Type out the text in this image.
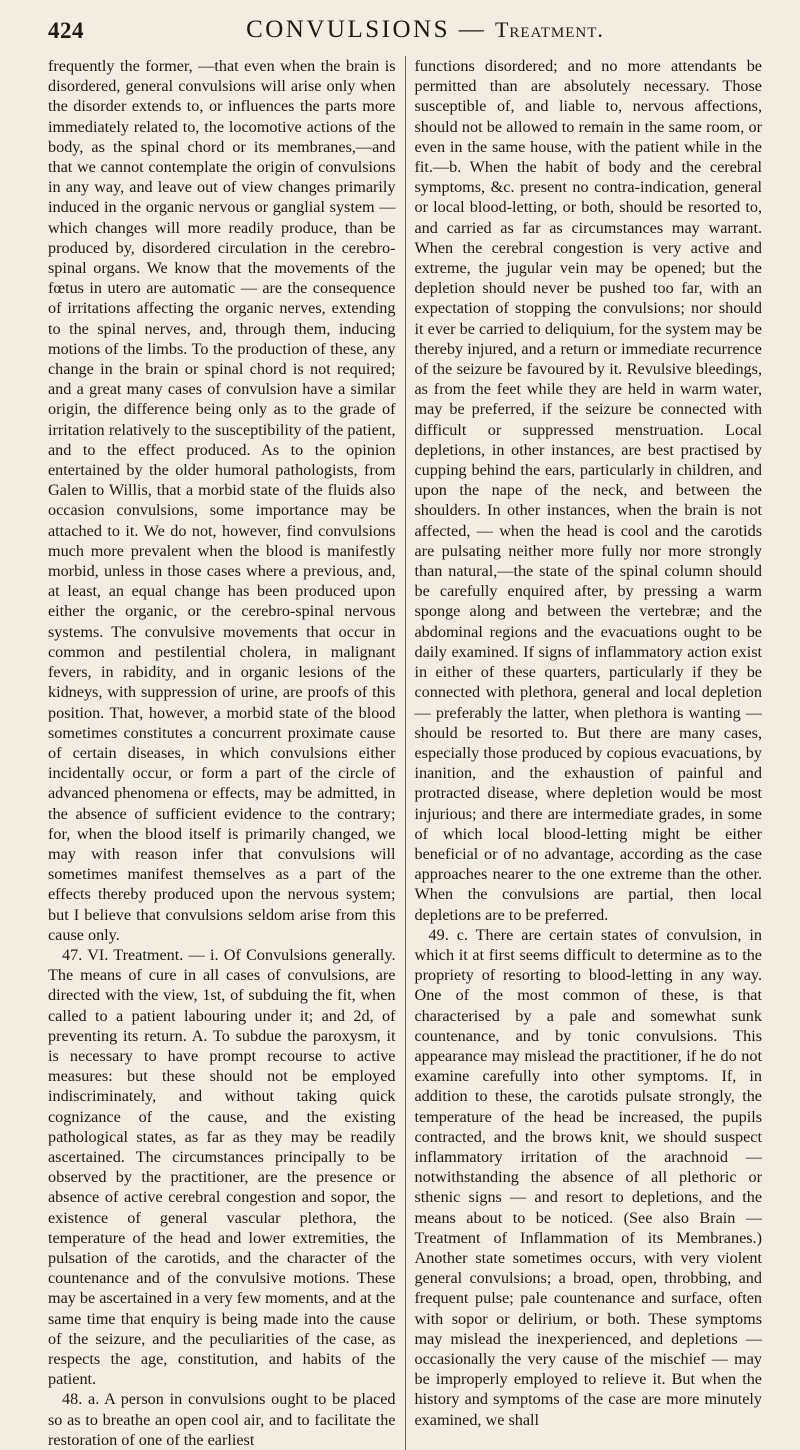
424	CONVULSIONS — Treatment.

frequently the former, —that even when the brain is disordered, general convulsions will arise only when the disorder extends to, or influences the parts more immediately related to, the locomotive actions of the body, as the spinal chord or its membranes,—and that we cannot contemplate the origin of convulsions in any way, and leave out of view changes primarily induced in the organic nervous or ganglial system — which changes will more readily produce, than be produced by, disordered circulation in the cerebro-spinal organs. We know that the movements of the fœtus in utero are automatic — are the consequence of irritations affecting the organic nerves, extending to the spinal nerves, and, through them, inducing motions of the limbs. To the production of these, any change in the brain or spinal chord is not required; and a great many cases of convulsion have a similar origin, the difference being only as to the grade of irritation relatively to the susceptibility of the patient, and to the effect produced. As to the opinion entertained by the older humoral pathologists, from Galen to Willis, that a morbid state of the fluids also occasion convulsions, some importance may be attached to it. We do not, however, find convulsions much more prevalent when the blood is manifestly morbid, unless in those cases where a previous, and, at least, an equal change has been produced upon either the organic, or the cerebro-spinal nervous systems. The convulsive movements that occur in common and pestilential cholera, in malignant fevers, in rabidity, and in organic lesions of the kidneys, with suppression of urine, are proofs of this position. That, however, a morbid state of the blood sometimes constitutes a concurrent proximate cause of certain diseases, in which convulsions either incidentally occur, or form a part of the circle of advanced phenomena or effects, may be admitted, in the absence of sufficient evidence to the contrary; for, when the blood itself is primarily changed, we may with reason infer that convulsions will sometimes manifest themselves as a part of the effects thereby produced upon the nervous system; but I believe that convulsions seldom arise from this cause only.

47. VI. Treatment. — i. Of Convulsions generally. The means of cure in all cases of convulsions, are directed with the view, 1st, of subduing the fit, when called to a patient labouring under it; and 2d, of preventing its return. A. To subdue the paroxysm, it is necessary to have prompt recourse to active measures: but these should not be employed indiscriminately, and without taking quick cognizance of the cause, and the existing pathological states, as far as they may be readily ascertained. The circumstances principally to be observed by the practitioner, are the presence or absence of active cerebral congestion and sopor, the existence of general vascular plethora, the temperature of the head and lower extremities, the pulsation of the carotids, and the character of the countenance and of the convulsive motions. These may be ascertained in a very few moments, and at the same time that enquiry is being made into the cause of the seizure, and the peculiarities of the case, as respects the age, constitution, and habits of the patient.

48. a. A person in convulsions ought to be placed so as to breathe an open cool air, and to facilitate the restoration of one of the earliest

functions disordered; and no more attendants be permitted than are absolutely necessary. Those susceptible of, and liable to, nervous affections, should not be allowed to remain in the same room, or even in the same house, with the patient while in the fit.—b. When the habit of body and the cerebral symptoms, &c. present no contra-indication, general or local blood-letting, or both, should be resorted to, and carried as far as circumstances may warrant. When the cerebral congestion is very active and extreme, the jugular vein may be opened; but the depletion should never be pushed too far, with an expectation of stopping the convulsions; nor should it ever be carried to deliquium, for the system may be thereby injured, and a return or immediate recurrence of the seizure be favoured by it. Revulsive bleedings, as from the feet while they are held in warm water, may be preferred, if the seizure be connected with difficult or suppressed menstruation. Local depletions, in other instances, are best practised by cupping behind the ears, particularly in children, and upon the nape of the neck, and between the shoulders. In other instances, when the brain is not affected, — when the head is cool and the carotids are pulsating neither more fully nor more strongly than natural,—the state of the spinal column should be carefully enquired after, by pressing a warm sponge along and between the vertebræ; and the abdominal regions and the evacuations ought to be daily examined. If signs of inflammatory action exist in either of these quarters, particularly if they be connected with plethora, general and local depletion — preferably the latter, when plethora is wanting — should be resorted to. But there are many cases, especially those produced by copious evacuations, by inanition, and the exhaustion of painful and protracted disease, where depletion would be most injurious; and there are intermediate grades, in some of which local blood-letting might be either beneficial or of no advantage, according as the case approaches nearer to the one extreme than the other. When the convulsions are partial, then local depletions are to be preferred.

49. c. There are certain states of convulsion, in which it at first seems difficult to determine as to the propriety of resorting to blood-letting in any way. One of the most common of these, is that characterised by a pale and somewhat sunk countenance, and by tonic convulsions. This appearance may mislead the practitioner, if he do not examine carefully into other symptoms. If, in addition to these, the carotids pulsate strongly, the temperature of the head be increased, the pupils contracted, and the brows knit, we should suspect inflammatory irritation of the arachnoid — notwithstanding the absence of all plethoric or sthenic signs — and resort to depletions, and the means about to be noticed. (See also Brain — Treatment of Inflammation of its Membranes.) Another state sometimes occurs, with very violent general convulsions; a broad, open, throbbing, and frequent pulse; pale countenance and surface, often with sopor or delirium, or both. These symptoms may mislead the inexperienced, and depletions — occasionally the very cause of the mischief — may be improperly employed to relieve it. But when the history and symptoms of the case are more minutely examined, we shall
